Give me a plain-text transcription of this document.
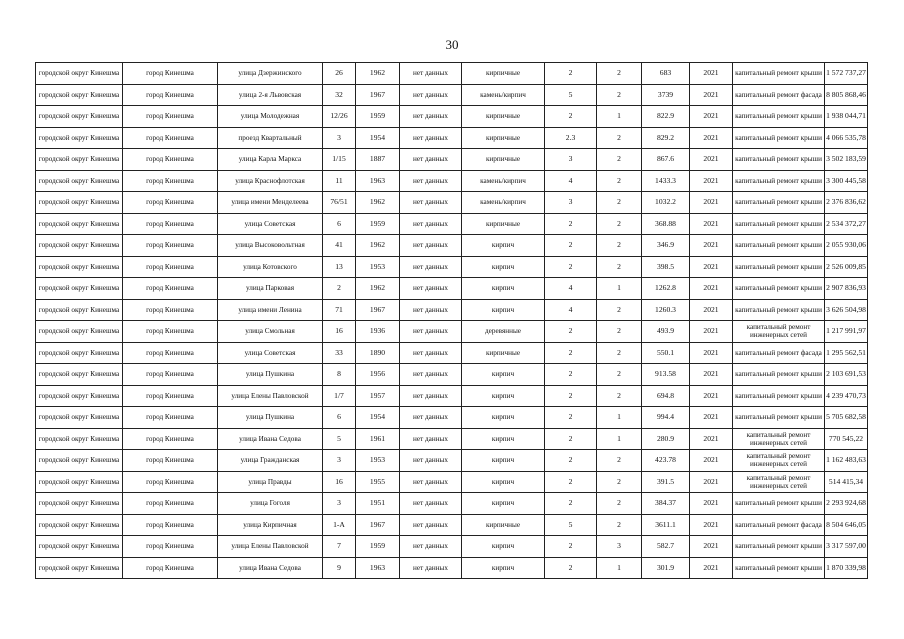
30
городской округ Кинешма	город Кинешма	улица Дзержинского	26	1962	нет данных	кирпичные	2	2	683	2021	капитальный ремонт крыши	1 572 737,27
городской округ Кинешма	город Кинешма	улица 2-я Львовская	32	1967	нет данных	камень/кирпич	5	2	3739	2021	капитальный ремонт фасада	8 805 868,46
городской округ Кинешма	город Кинешма	улица Молодежная	12/26	1959	нет данных	кирпичные	2	1	822.9	2021	капитальный ремонт крыши	1 938 044,71
городской округ Кинешма	город Кинешма	проезд Квартальный	3	1954	нет данных	кирпичные	2.3	2	829.2	2021	капитальный ремонт крыши	4 066 535,78
городской округ Кинешма	город Кинешма	улица Карла Маркса	1/15	1887	нет данных	кирпичные	3	2	867.6	2021	капитальный ремонт крыши	3 502 183,59
городской округ Кинешма	город Кинешма	улица Краснофлотская	11	1963	нет данных	камень/кирпич	4	2	1433.3	2021	капитальный ремонт крыши	3 300 445,58
городской округ Кинешма	город Кинешма	улица имени Менделеева	76/51	1962	нет данных	камень/кирпич	3	2	1032.2	2021	капитальный ремонт крыши	2 376 836,62
городской округ Кинешма	город Кинешма	улица Советская	6	1959	нет данных	кирпичные	2	2	368.88	2021	капитальный ремонт крыши	2 534 372,27
городской округ Кинешма	город Кинешма	улица Высоковольтная	41	1962	нет данных	кирпич	2	2	346.9	2021	капитальный ремонт крыши	2 055 930,06
городской округ Кинешма	город Кинешма	улица Котовского	13	1953	нет данных	кирпич	2	2	398.5	2021	капитальный ремонт крыши	2 526 009,85
городской округ Кинешма	город Кинешма	улица Парковая	2	1962	нет данных	кирпич	4	1	1262.8	2021	капитальный ремонт крыши	2 907 836,93
городской округ Кинешма	город Кинешма	улица имени Ленина	71	1967	нет данных	кирпич	4	2	1260.3	2021	капитальный ремонт крыши	3 626 504,98
городской округ Кинешма	город Кинешма	улица Смольная	16	1936	нет данных	деревянные	2	2	493.9	2021	капитальный ремонт инженерных сетей	1 217 991,97
городской округ Кинешма	город Кинешма	улица Советская	33	1890	нет данных	кирпичные	2	2	550.1	2021	капитальный ремонт фасада	1 295 562,51
городской округ Кинешма	город Кинешма	улица Пушкина	8	1956	нет данных	кирпич	2	2	913.58	2021	капитальный ремонт крыши	2 103 691,53
городской округ Кинешма	город Кинешма	улица Елены Павловской	1/7	1957	нет данных	кирпич	2	2	694.8	2021	капитальный ремонт крыши	4 239 470,73
городской округ Кинешма	город Кинешма	улица Пушкина	6	1954	нет данных	кирпич	2	1	994.4	2021	капитальный ремонт крыши	5 705 682,58
городской округ Кинешма	город Кинешма	улица Ивана Седова	5	1961	нет данных	кирпич	2	1	280.9	2021	капитальный ремонт инженерных сетей	770 545,22
городской округ Кинешма	город Кинешма	улица Гражданская	3	1953	нет данных	кирпич	2	2	423.78	2021	капитальный ремонт инженерных сетей	1 162 483,63
городской округ Кинешма	город Кинешма	улица Правды	16	1955	нет данных	кирпич	2	2	391.5	2021	капитальный ремонт инженерных сетей	514 415,34
городской округ Кинешма	город Кинешма	улица Гоголя	3	1951	нет данных	кирпич	2	2	384.37	2021	капитальный ремонт крыши	2 293 924,68
городской округ Кинешма	город Кинешма	улица Кирпичная	1-А	1967	нет данных	кирпичные	5	2	3611.1	2021	капитальный ремонт фасада	8 504 646,05
городской округ Кинешма	город Кинешма	улица Елены Павловской	7	1959	нет данных	кирпич	2	3	582.7	2021	капитальный ремонт крыши	3 317 597,00
городской округ Кинешма	город Кинешма	улица Ивана Седова	9	1963	нет данных	кирпич	2	1	301.9	2021	капитальный ремонт крыши	1 870 339,98
